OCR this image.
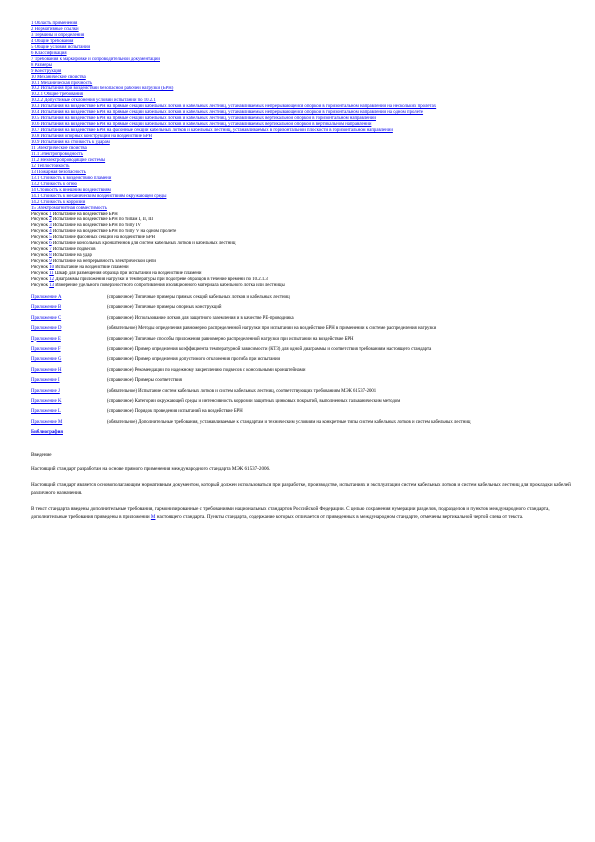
1 Область применения
2 Нормативные ссылки
3 Термины и определения
4 Общие требования
5 Общие условия испытаний
6 Классификация
7 Требования к маркировке и сопроводительной документации
8 Размеры
9 Конструкция
10 Механические свойства
10.1 Механическая прочность
10.2 Испытания при воздействии безопасной рабочей нагрузки (БРН)
10.2.1 Общие требования
10.2.2 Допустимые отклонения условий испытаний по 10.2.1
10.3 Испытания на воздействие БРН на прямые секции кабельных лотков и кабельных лестниц, устанавливаемых непрерывающейся опоркой в горизонтальном направлении на нескольких пролетах
10.4 Испытания на воздействие БРН на прямые секции кабельных лотков и кабельных лестниц, устанавливаемых непрерывающейся опоркой в горизонтальном направлении на одном пролете
10.5 Испытания на воздействие БРН на прямые секции кабельных лотков и кабельных лестниц, устанавливаемых вертикальной опоркой в горизонтальном направлении
10.6 Испытания на воздействие БРН на прямые секции кабельных лотков и кабельных лестниц, устанавливаемых вертикальной опоркой в вертикальном направлении
10.7 Испытания на воздействие БРН на фасонные секции кабельных лотков и кабельных лестниц, устанавливаемых в горизонтальной плоскости в горизонтальном направлении
10.8 Испытания опорных конструкций на воздействие БРН
10.9 Испытания на стойкость к ударам
11 Электрические свойства
11.1 Электропроводность
11.2 Неэлектропроводящие системы
12 Теплостойкость
13 Пожарная безопасность
13.1 Стойкость к воздействию пламени
13.2 Стойкость к огню
14 Стойкость к внешним воздействиям
14.1 Стойкость к механическим воздействиям окружающей среды
14.2 Стойкость к коррозии
15 Электромагнитная совместимость
Рисунок 1 Испытание на воздействие БРН
Рисунок 2 Испытание на воздействие БРН по типам I, II, III
Рисунок 3 Испытание на воздействие БРН по типу IV
Рисунок 4 Испытание на воздействие БРН по типу V на одном пролете
Рисунок 5 Испытание фасонных секций на воздействие БРН
Рисунок 6 Испытание консольных кронштейнов для систем кабельных лотков и кабельных лестниц
Рисунок 7 Испытание подвесов
Рисунок 8 Испытание на удар
Рисунок 9 Испытание на непрерывность электрической цепи
Рисунок 10 Испытание на воздействие пламени
Рисунок 11 Шкаф для размещения образца при испытании на воздействие пламени
Рисунок 12 Диаграммы приложения нагрузки и температуры при подогреве образцов в течение времени по 10.2.1.3
Рисунок 13 Измерение удельного поверхностного сопротивления изоляционного материала кабельного лотка или лестницы
Приложение А	(справочное) Типичные примеры прямых секций кабельных лотков и кабельных лестниц
Приложение В	(справочное) Типичные примеры опорных конструкций
Приложение С	(справочное) Использование лотков для защитного заземления и в качестве РЕ-проводника
Приложение D	(обязательное) Методы определения равномерно распределенной нагрузки при испытании на воздействие БРН в применении к системе распределения нагрузки
Приложение Е	(справочное) Типичные способы приложения равномерно распределенной нагрузки при испытании на воздействие БРН
Приложение F	(справочное) Пример определения коэффициента температурной зависимости (КТЗ) для одной диаграммы и соответствия требованиям настоящего стандарта
Приложение G	(справочное) Пример определения допустимого отклонения прогиба при испытании
Приложение Н	(справочное) Рекомендации по надежному закреплению подвесов с консольными кронштейнами
Приложение I	(справочное) Примеры соответствия
Приложение J	(обязательное) Испытание систем кабельных лотков и систем кабельных лестниц, соответствующих требованиям МЭК 61537-2001
Приложение K	(справочное) Категории окружающей среды и интенсивность коррозии защитных цинковых покрытий, выполненных гальваническим методом
Приложение L	(справочное) Порядок проведения испытаний на воздействие БРН
Приложение M	(обязательное) Дополнительные требования, устанавливаемые к стандартам и техническим условиям на конкретные типы систем кабельных лотков и систем кабельных лестниц
Библиография
Введение

Настоящий стандарт разработан на основе прямого применения международного стандарта МЭК 61537-2006.

Настоящий стандарт является основополагающим нормативным документом, который должен использоваться при разработке, производстве, испытаниях и эксплуатации систем кабельных лотков и систем кабельных лестниц для прокладки кабелей различного назначения.

В текст стандарта введены дополнительные требования, гармонизированные с требованиями национальных стандартов Российской Федерации. С целью сохранения нумерации разделов, подразделов и пунктов международного стандарта, дополнительные требования приведены в приложении М настоящего стандарта. Пункты стандарта, содержание которых отличается от приведенных в международном стандарте, отмечены вертикальной чертой слева от текста.
